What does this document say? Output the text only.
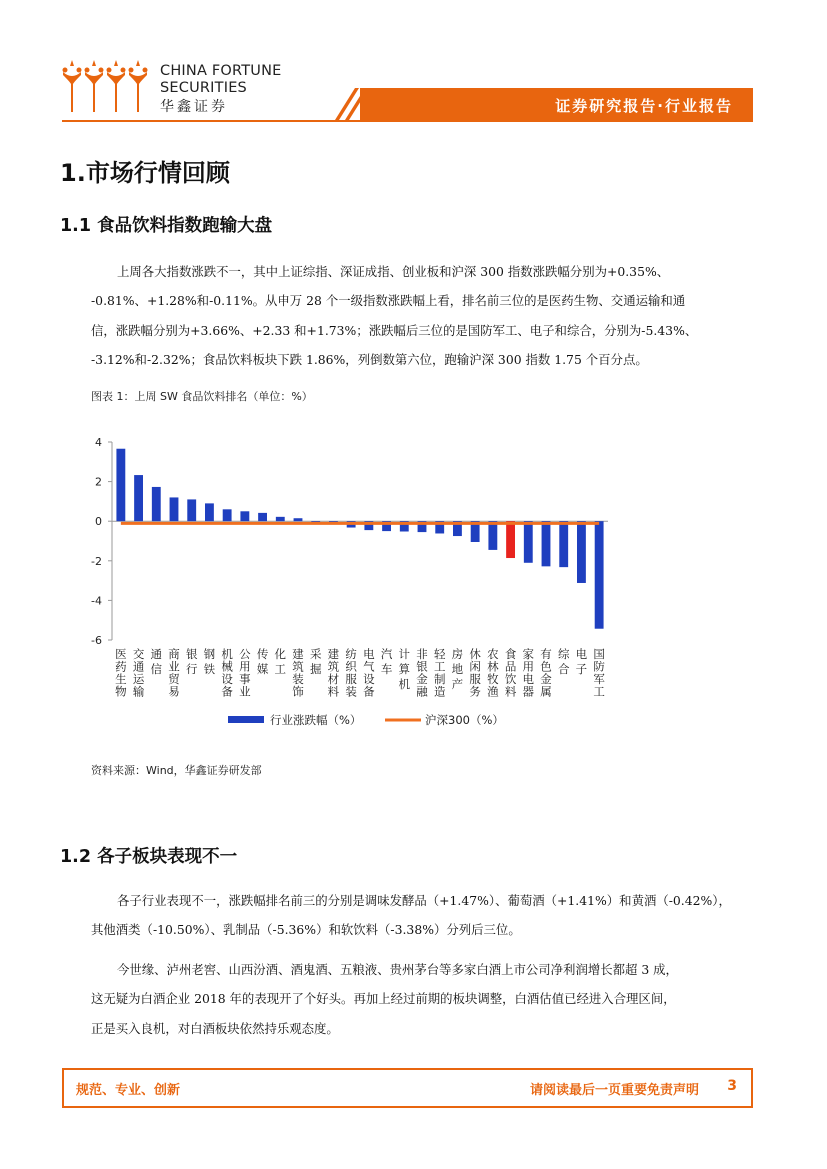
CHINA FORTUNE
SECURITIES
华鑫证券	证券研究报告·行业报告
1.市场行情回顾
1.1 食品饮料指数跑输大盘
上周各大指数涨跌不一，其中上证综指、深证成指、创业板和沪深 300 指数涨跌幅分别为+0.35%、
-0.81%、+1.28%和-0.11%。从申万 28 个一级指数涨跌幅上看，排名前三位的是医药生物、交通运输和通
信，涨跌幅分别为+3.66%、+2.33 和+1.73%；涨跌幅后三位的是国防军工、电子和综合，分别为-5.43%、
-3.12%和-2.32%；食品饮料板块下跌 1.86%，列倒数第六位，跑输沪深 300 指数 1.75 个百分点。
图表 1：上周 SW 食品饮料排名（单位：%）
4
2
0
-2
-4
-6
医
药
生
物
交
通
运
输
通
信
商
业
贸
易
银
行
钢
铁
机
械
设
备
公
用
事
业
传
媒
化
工
建
筑
装
饰
采
掘
建
筑
材
料
纺
织
服
装
电
气
设
备
汽
车
计
算
机
非
银
金
融
轻
工
制
造
房
地
产
休
闲
服
务
农
林
牧
渔
食
品
饮
料
家
用
电
器
有
色
金
属
综
合
电
子
国
防
军
工
行业涨跌幅（%）	沪深300（%）
资料来源：Wind，华鑫证券研发部
1.2 各子板块表现不一
各子行业表现不一，涨跌幅排名前三的分别是调味发酵品（+1.47%）、葡萄酒（+1.41%）和黄酒（-0.42%），
其他酒类（-10.50%）、乳制品（-5.36%）和软饮料（-3.38%）分列后三位。
今世缘、泸州老窖、山西汾酒、酒鬼酒、五粮液、贵州茅台等多家白酒上市公司净利润增长都超 3 成，
这无疑为白酒企业 2018 年的表现开了个好头。再加上经过前期的板块调整，白酒估值已经进入合理区间，
正是买入良机，对白酒板块依然持乐观态度。
规范、专业、创新	请阅读最后一页重要免责声明 3
